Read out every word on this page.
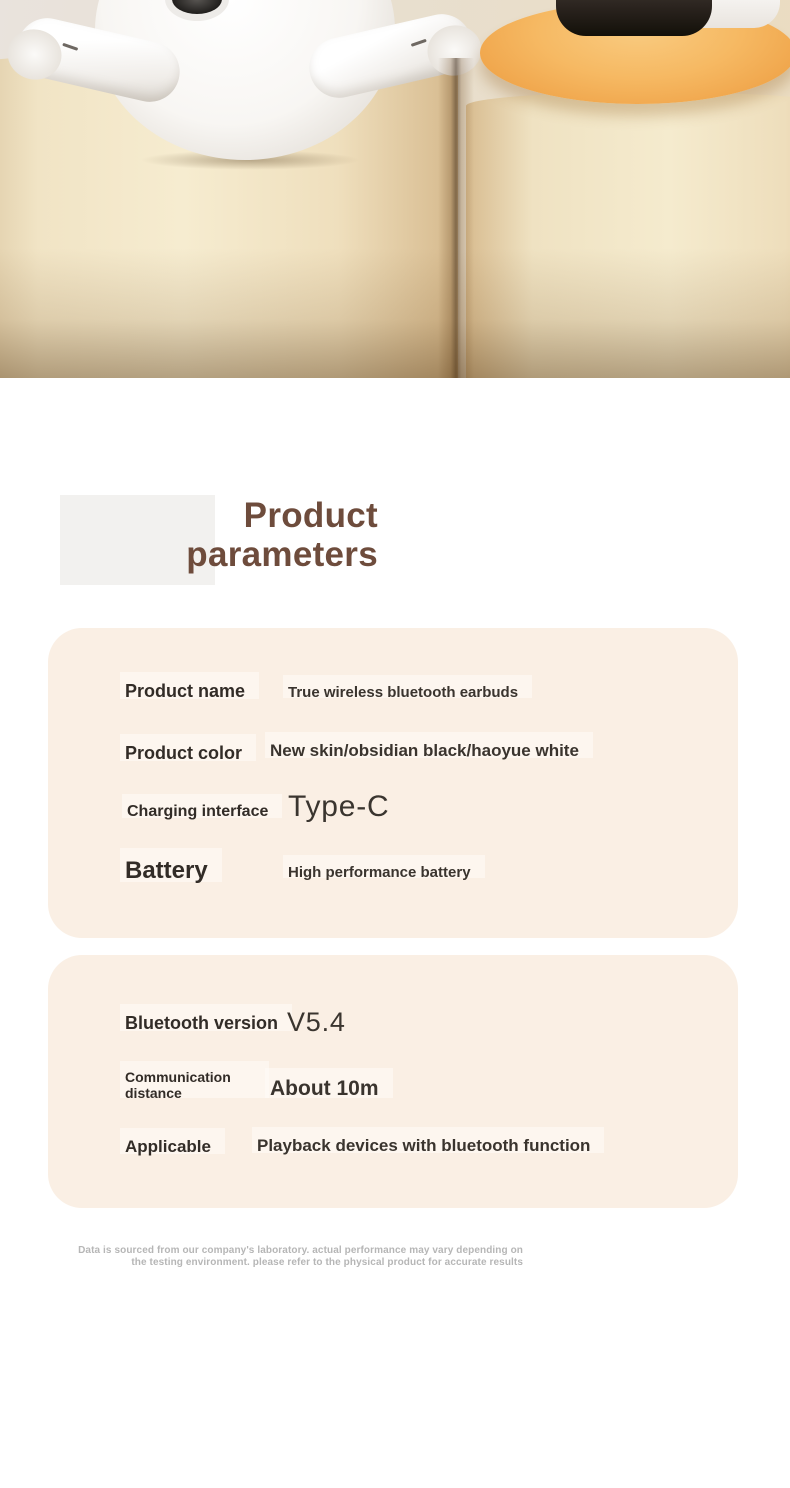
Product
parameters
Product name	True wireless bluetooth earbuds
Product color New skin/obsidian black/haoyue white
Charging interface Type-C
Battery	High performance battery
Bluetooth version V5.4
Communication
distance	About 10m
Applicable	Playback devices with bluetooth function
Data is sourced from our company's laboratory. actual performance may vary depending on
the testing environment. please refer to the physical product for accurate results
